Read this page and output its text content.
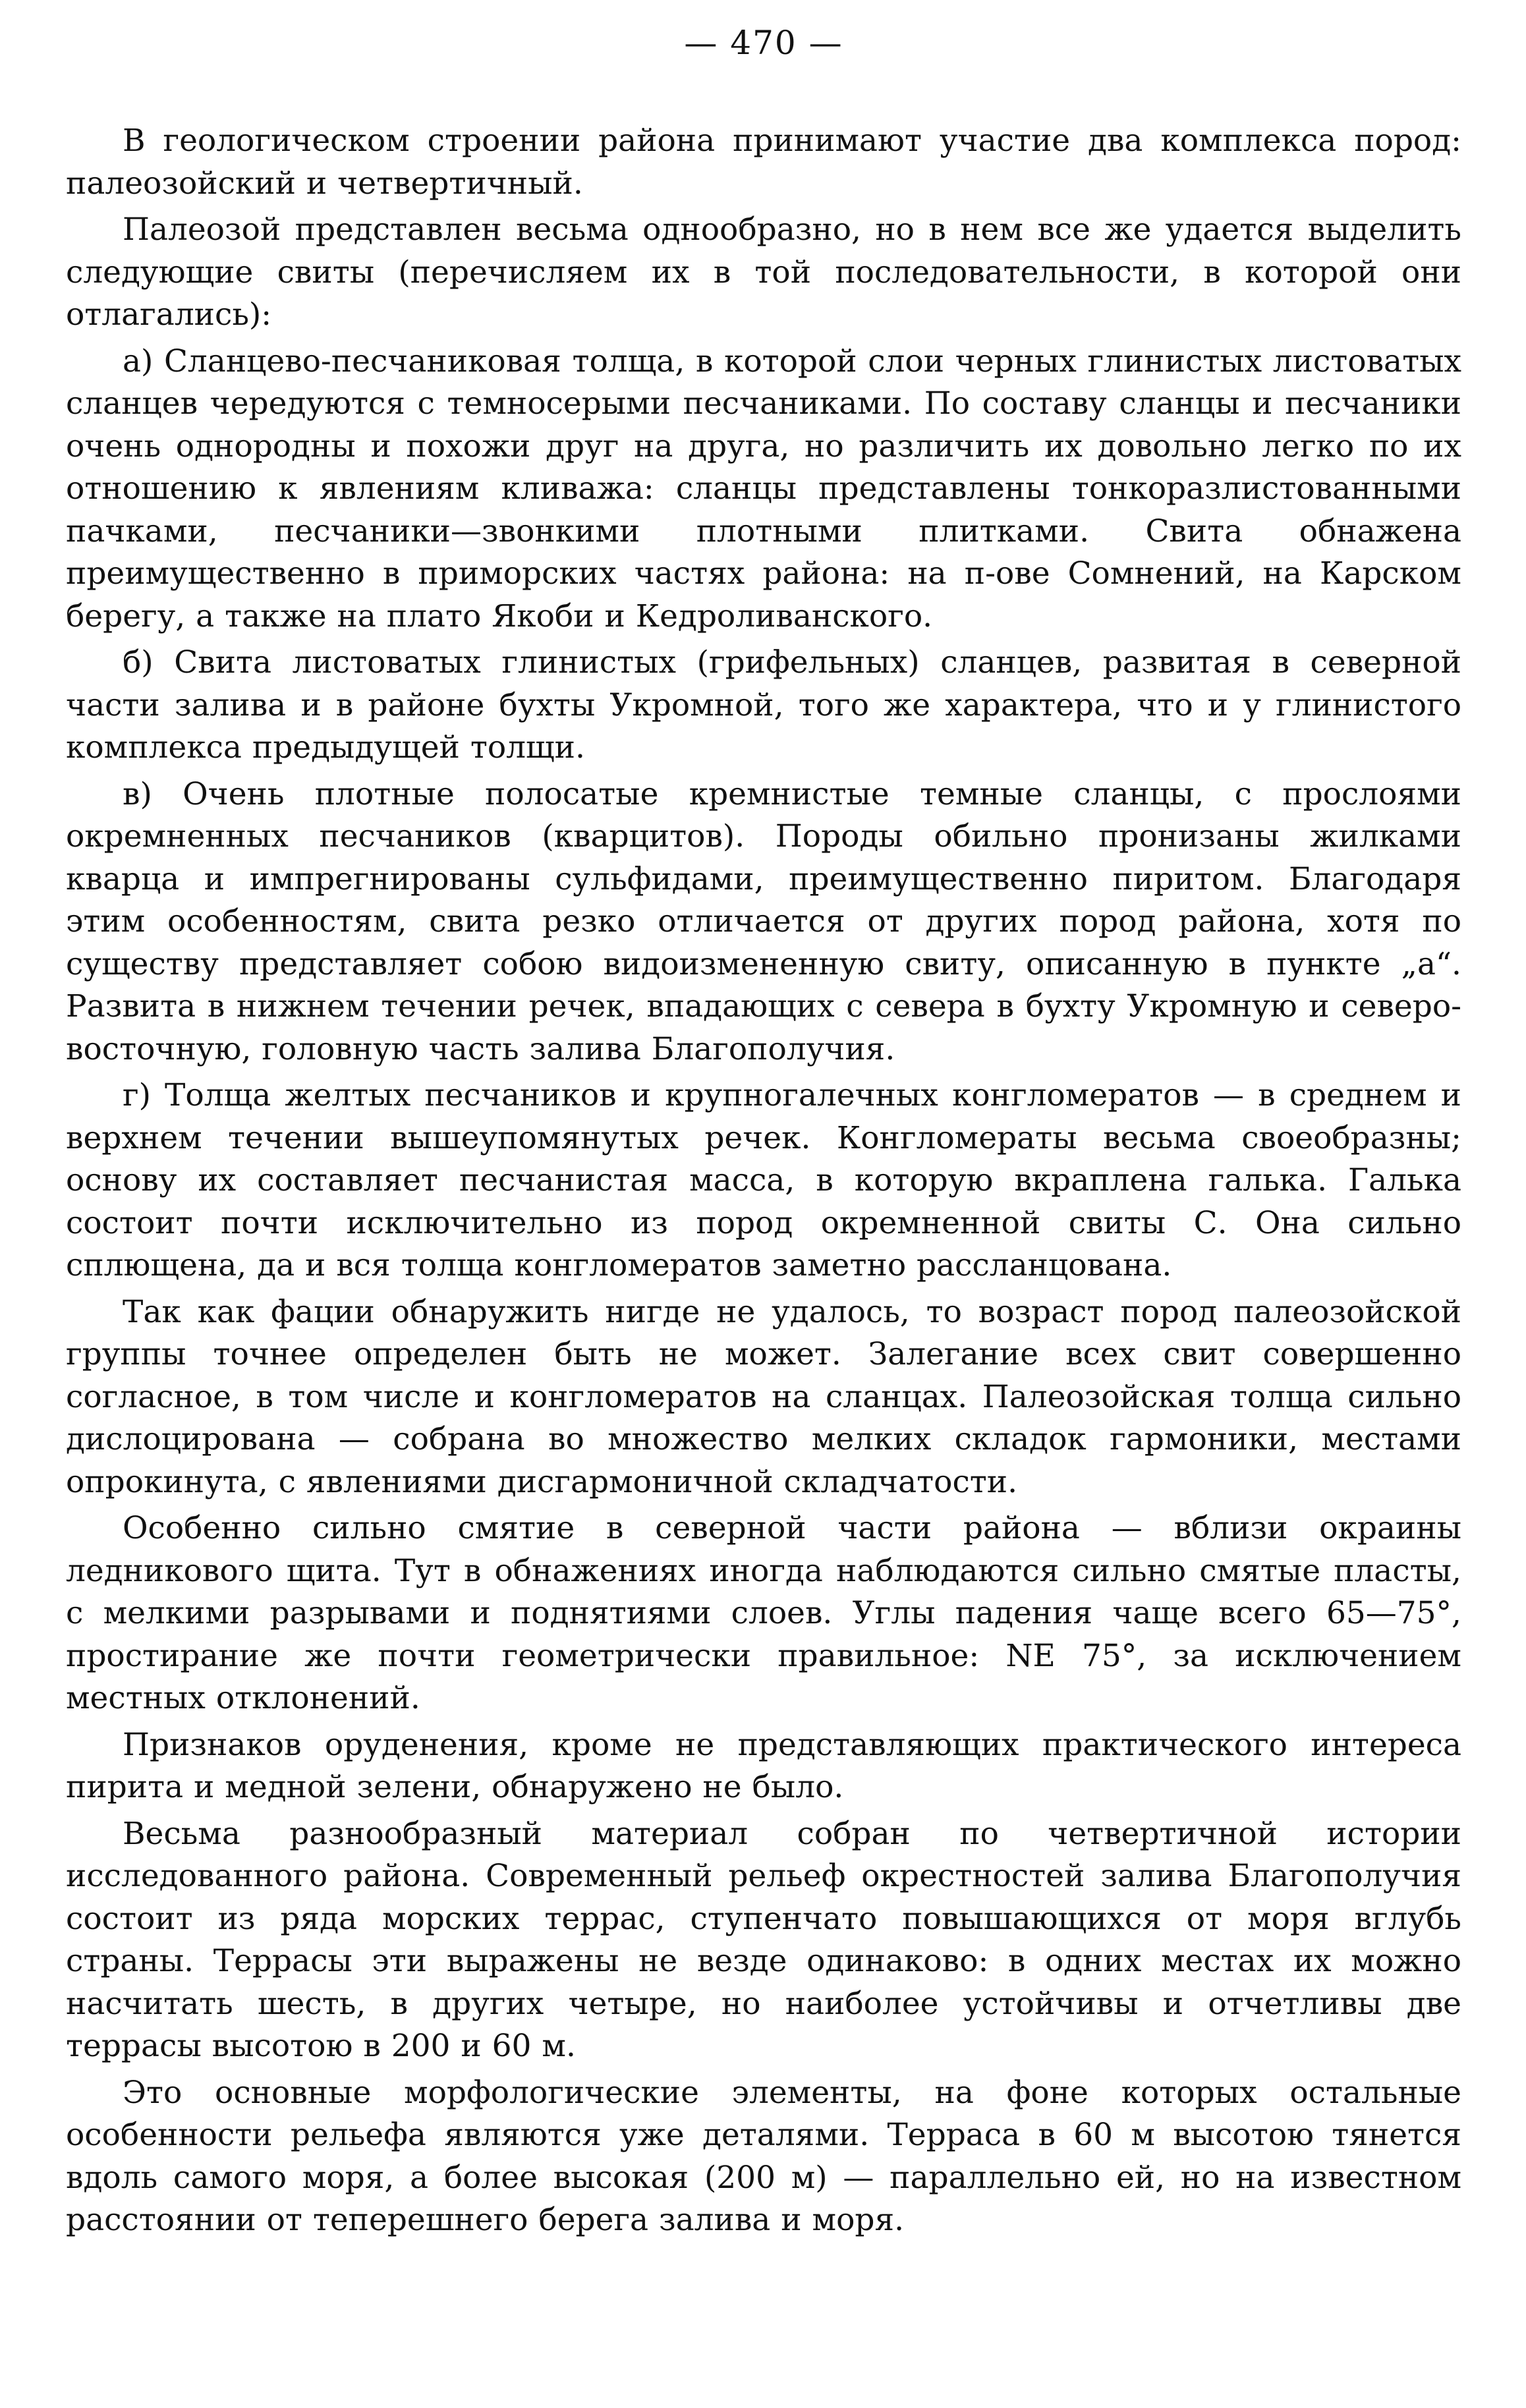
— 470 —

В геологическом строении района принимают участие два комплекса пород: палеозойский и четвертичный.

Палеозой представлен весьма однообразно, но в нем все же удается выделить следующие свиты (перечисляем их в той последовательности, в которой они отлагались):

а) Сланцево-песчаниковая толща, в которой слои черных глинистых листоватых сланцев чередуются с темносерыми песчаниками. По составу сланцы и песчаники очень однородны и похожи друг на друга, но различить их довольно легко по их отношению к явлениям кливажа: сланцы представлены тонкоразлистованными пачками, песчаники—звонкими плотными плитками. Свита обнажена преимущественно в приморских частях района: на п-ове Сомнений, на Карском берегу, а также на плато Якоби и Кедроливанского.

б) Свита листоватых глинистых (грифельных) сланцев, развитая в северной части залива и в районе бухты Укромной, того же характера, что и у глинистого комплекса предыдущей толщи.

в) Очень плотные полосатые кремнистые темные сланцы, с прослоями окремненных песчаников (кварцитов). Породы обильно пронизаны жилками кварца и импрегнированы сульфидами, преимущественно пиритом. Благодаря этим особенностям, свита резко отличается от других пород района, хотя по существу представляет собою видоизмененную свиту, описанную в пункте „а“. Развита в нижнем течении речек, впадающих с севера в бухту Укромную и северо-восточную, головную часть залива Благополучия.

г) Толща желтых песчаников и крупногалечных конгломератов — в среднем и верхнем течении вышеупомянутых речек. Конгломераты весьма своеобразны; основу их составляет песчанистая масса, в которую вкраплена галька. Галька состоит почти исключительно из пород окремненной свиты С. Она сильно сплющена, да и вся толща конгломератов заметно рассланцована.

Так как фации обнаружить нигде не удалось, то возраст пород палеозойской группы точнее определен быть не может. Залегание всех свит совершенно согласное, в том числе и конгломератов на сланцах. Палеозойская толща сильно дислоцирована — собрана во множество мелких складок гармоники, местами опрокинута, с явлениями дисгармоничной складчатости.

Особенно сильно смятие в северной части района — вблизи окраины ледникового щита. Тут в обнажениях иногда наблюдаются сильно смятые пласты, с мелкими разрывами и поднятиями слоев. Углы падения чаще всего 65—75°, простирание же почти геометрически правильное: NE 75°, за исключением местных отклонений.

Признаков оруденения, кроме не представляющих практического интереса пирита и медной зелени, обнаружено не было.

Весьма разнообразный материал собран по четвертичной истории исследованного района. Современный рельеф окрестностей залива Благополучия состоит из ряда морских террас, ступенчато повышающихся от моря вглубь страны. Террасы эти выражены не везде одинаково: в одних местах их можно насчитать шесть, в других четыре, но наиболее устойчивы и отчетливы две террасы высотою в 200 и 60 м.

Это основные морфологические элементы, на фоне которых остальные особенности рельефа являются уже деталями. Терраса в 60 м высотою тянется вдоль самого моря, а более высокая (200 м) — параллельно ей, но на известном расстоянии от теперешнего берега залива и моря.
